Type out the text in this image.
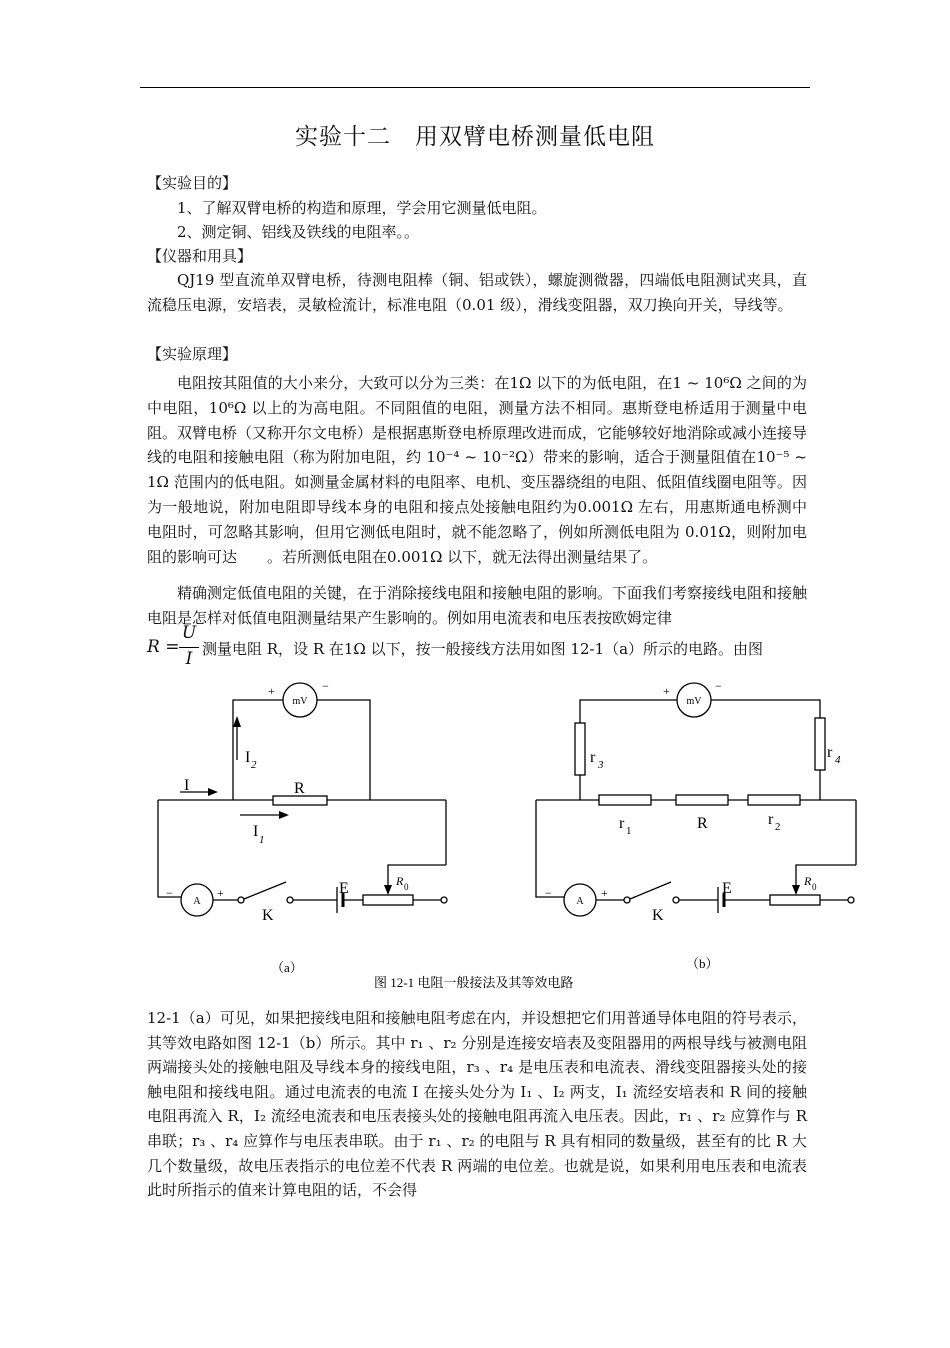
实验十二　用双臂电桥测量低电阻
【实验目的】
1、了解双臂电桥的构造和原理，学会用它测量低电阻。
2、测定铜、铝线及铁线的电阻率。。
【仪器和用具】
QJ19 型直流单双臂电桥，待测电阻棒（铜、铝或铁），螺旋测微器，四端低电阻测试夹具，直流稳压电源，安培表，灵敏检流计，标准电阻（0.01 级），滑线变阻器，双刀换向开关，导线等。
【实验原理】
电阻按其阻值的大小来分，大致可以分为三类：在1Ω 以下的为低电阻，在1 ~ 10⁶Ω 之间的为中电阻，10⁶Ω 以上的为高电阻。不同阻值的电阻，测量方法不相同。惠斯登电桥适用于测量中电阻。双臂电桥（又称开尔文电桥）是根据惠斯登电桥原理改进而成，它能够较好地消除或减小连接导线的电阻和接触电阻（称为附加电阻，约 10⁻⁴ ~ 10⁻²Ω）带来的影响，适合于测量阻值在10⁻⁵ ~ 1Ω 范围内的低电阻。如测量金属材料的电阻率、电机、变压器绕组的电阻、低阻值线圈电阻等。因为一般地说，附加电阻即导线本身的电阻和接点处接触电阻约为0.001Ω 左右，用惠斯通电桥测中电阻时，可忽略其影响，但用它测低电阻时，就不能忽略了，例如所测低电阻为 0.01Ω，则附加电阻的影响可达　　。若所测低电阻在0.001Ω 以下，就无法得出测量结果了。
精确测定低值电阻的关键，在于消除接线电阻和接触电阻的影响。下面我们考察接线电阻和接触电阻是怎样对低值电阻测量结果产生影响的。例如用电流表和电压表按欧姆定律
R =
U
I 测量电阻 R，设 R 在1Ω 以下，按一般接线方法用如图 12-1（a）所示的电路。由图
mV
+	−
A
−	+
I
I 2
I 1
R
E
K
R 0
mV
+	−
A
−	+
r 3
r 4
r 1	R	r 2
E
K
R 0
（a）	（b）
图 12-1 电阻一般接法及其等效电路
12-1（a）可见，如果把接线电阻和接触电阻考虑在内，并设想把它们用普通导体电阻的符号表示，其等效电路如图 12-1（b）所示。其中 r₁ 、r₂ 分别是连接安培表及变阻器用的两根导线与被测电阻两端接头处的接触电阻及导线本身的接线电阻，r₃ 、r₄ 是电压表和电流表、滑线变阻器接头处的接触电阻和接线电阻。通过电流表的电流 I 在接头处分为 I₁ 、I₂ 两支，I₁ 流经安培表和 R 间的接触电阻再流入 R，I₂ 流经电流表和电压表接头处的接触电阻再流入电压表。因此，r₁ 、r₂ 应算作与 R 串联；r₃ 、r₄ 应算作与电压表串联。由于 r₁ 、r₂ 的电阻与 R 具有相同的数量级，甚至有的比 R 大几个数量级，故电压表指示的电位差不代表 R 两端的电位差。也就是说，如果利用电压表和电流表此时所指示的值来计算电阻的话，不会得
